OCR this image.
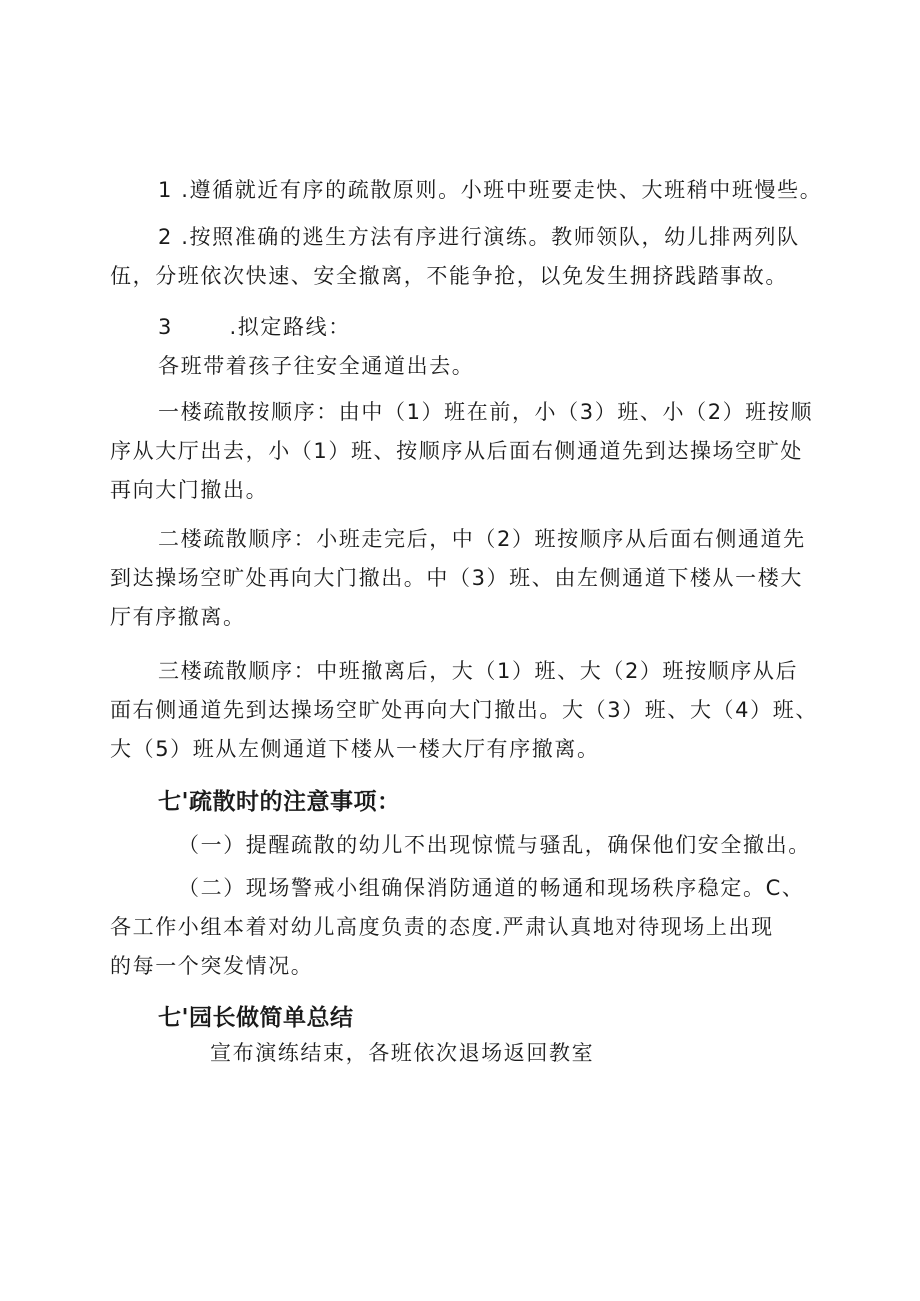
1 .遵循就近有序的疏散原则。小班中班要走快、大班稍中班慢些。
2 .按照准确的逃生方法有序进行演练。教师领队，幼儿排两列队
伍，分班依次快速、安全撤离，不能争抢，以免发生拥挤践踏事故。
3	.拟定路线：
各班带着孩子往安全通道出去。
一楼疏散按顺序：由中（1）班在前，小（3）班、小（2）班按顺
序从大厅出去，小（1）班、按顺序从后面右侧通道先到达操场空旷处
再向大门撤出。
二楼疏散顺序：小班走完后，中（2）班按顺序从后面右侧通道先
到达操场空旷处再向大门撤出。中（3）班、由左侧通道下楼从一楼大
厅有序撤离。
三楼疏散顺序：中班撤离后，大（1）班、大（2）班按顺序从后
面右侧通道先到达操场空旷处再向大门撤出。大（3）班、大（4）班、
大（5）班从左侧通道下楼从一楼大厅有序撤离。
七'疏散时的注意事项：
（一）提醒疏散的幼儿不出现惊慌与骚乱，确保他们安全撤出。
（二）现场警戒小组确保消防通道的畅通和现场秩序稳定。C、
各工作小组本着对幼儿高度负责的态度.严肃认真地对待现场上出现
的每一个突发情况。
七'园长做简单总结
宣布演练结束，各班依次退场返回教室
